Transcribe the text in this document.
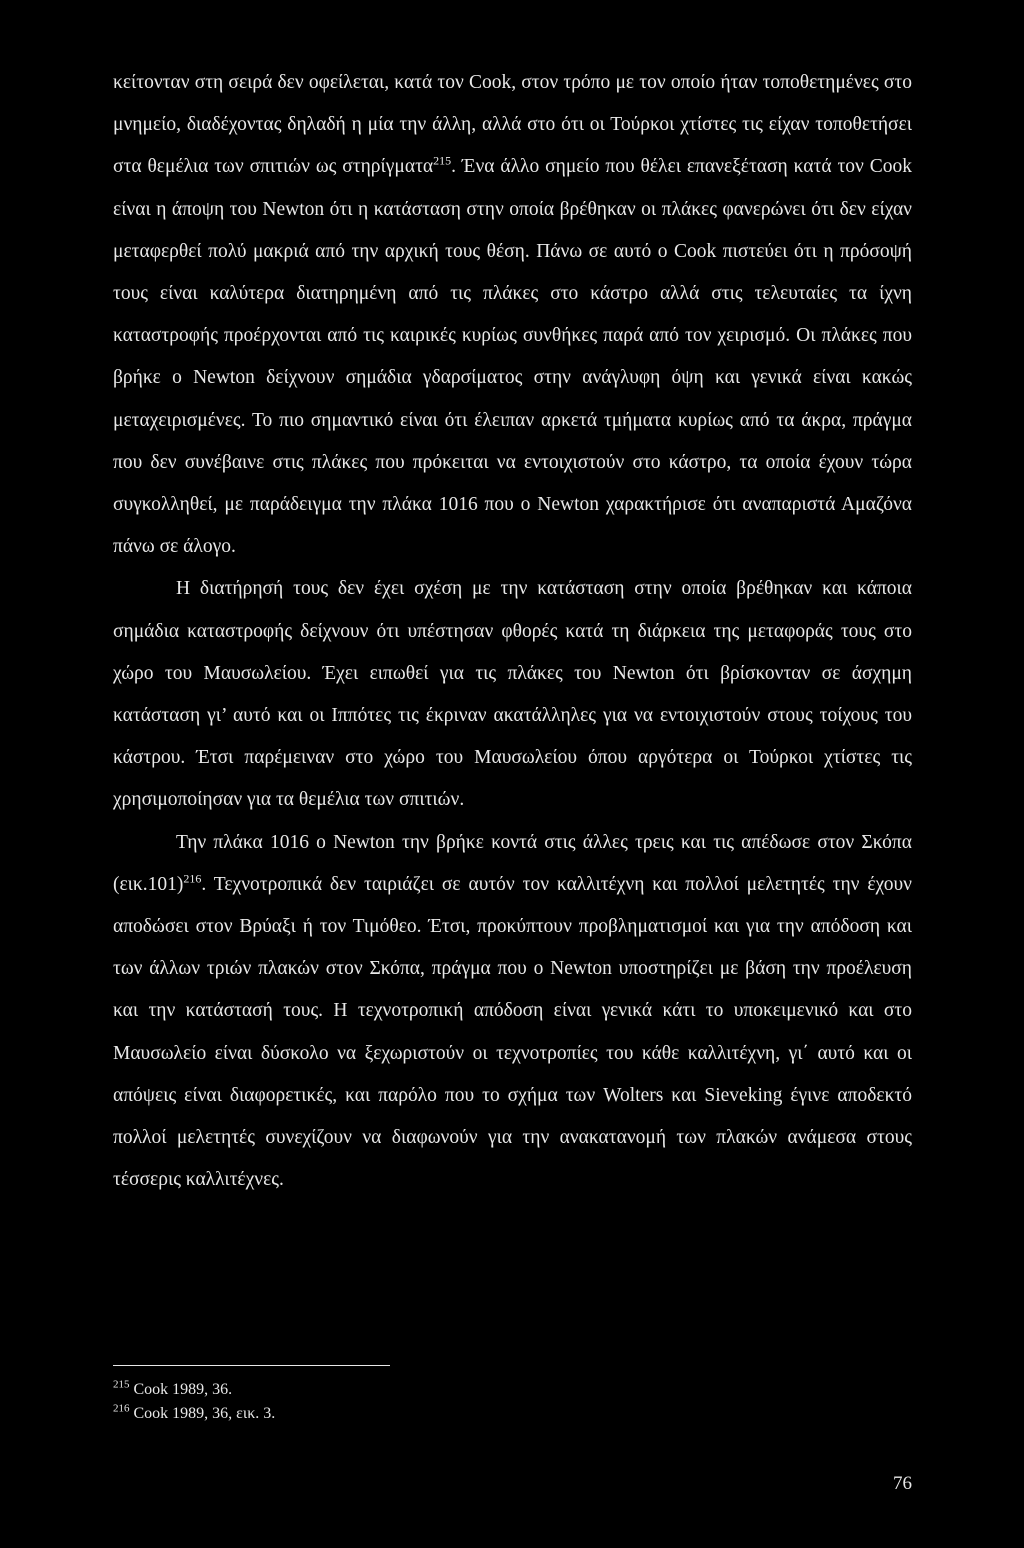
κείτονταν στη σειρά δεν οφείλεται, κατά τον Cook, στον τρόπο με τον οποίο ήταν τοποθετημένες στο μνημείο, διαδέχοντας δηλαδή η μία την άλλη, αλλά στο ότι οι Τούρκοι χτίστες τις είχαν τοποθετήσει στα θεμέλια των σπιτιών ως στηρίγματα$^{215}$. Ένα άλλο σημείο που θέλει επανεξέταση κατά τον Cook είναι η άποψη του Newton ότι η κατάσταση στην οποία βρέθηκαν οι πλάκες φανερώνει ότι δεν είχαν μεταφερθεί πολύ μακριά από την αρχική τους θέση. Πάνω σε αυτό ο Cook πιστεύει ότι η πρόσοψή τους είναι καλύτερα διατηρημένη από τις πλάκες στο κάστρο αλλά στις τελευταίες τα ίχνη καταστροφής προέρχονται από τις καιρικές κυρίως συνθήκες παρά από τον χειρισμό. Οι πλάκες που βρήκε ο Newton δείχνουν σημάδια γδαρσίματος στην ανάγλυφη όψη και γενικά είναι κακώς μεταχειρισμένες. Το πιο σημαντικό είναι ότι έλειπαν αρκετά τμήματα κυρίως από τα άκρα, πράγμα που δεν συνέβαινε στις πλάκες που πρόκειται να εντοιχιστούν στο κάστρο, τα οποία έχουν τώρα συγκολληθεί, με παράδειγμα την πλάκα 1016 που ο Newton χαρακτήρισε ότι αναπαριστά Αμαζόνα πάνω σε άλογο.

Η διατήρησή τους δεν έχει σχέση με την κατάσταση στην οποία βρέθηκαν και κάποια σημάδια καταστροφής δείχνουν ότι υπέστησαν φθορές κατά τη διάρκεια της μεταφοράς τους στο χώρο του Μαυσωλείου. Έχει ειπωθεί για τις πλάκες του Newton ότι βρίσκονταν σε άσχημη κατάσταση γι’ αυτό και οι Ιππότες τις έκριναν ακατάλληλες για να εντοιχιστούν στους τοίχους του κάστρου. Έτσι παρέμειναν στο χώρο του Μαυσωλείου όπου αργότερα οι Τούρκοι χτίστες τις χρησιμοποίησαν για τα θεμέλια των σπιτιών.

Την πλάκα 1016 ο Newton την βρήκε κοντά στις άλλες τρεις και τις απέδωσε στον Σκόπα $(\varepsilon\iota\kappa.101)^{216}$. Τεχνοτροπικά δεν ταιριάζει σε αυτόν τον καλλιτέχνη και πολλοί μελετητές την έχουν αποδώσει στον Βρύαξι ή τον Τιμόθεο. Έτσι, προκύπτουν προβληματισμοί και για την απόδοση και των άλλων τριών πλακών στον Σκόπα, πράγμα που ο Newton υποστηρίζει με βάση την προέλευση και την κατάστασή τους. Η τεχνοτροπική απόδοση είναι γενικά κάτι το υποκειμενικό και στο Μαυσωλείο είναι δύσκολο να ξεχωριστούν οι τεχνοτροπίες του κάθε καλλιτέχνη, γι΄ αυτό και οι απόψεις είναι διαφορετικές, και παρόλο που το σχήμα των Wolters και Sieveking έγινε αποδεκτό πολλοί μελετητές συνεχίζουν να διαφωνούν για την ανακατανομή των πλακών ανάμεσα στους τέσσερις καλλιτέχνες.

$^{215}$ Cook 1989, 36.
$^{216}$ Cook 1989, 36, εικ. 3.
76
